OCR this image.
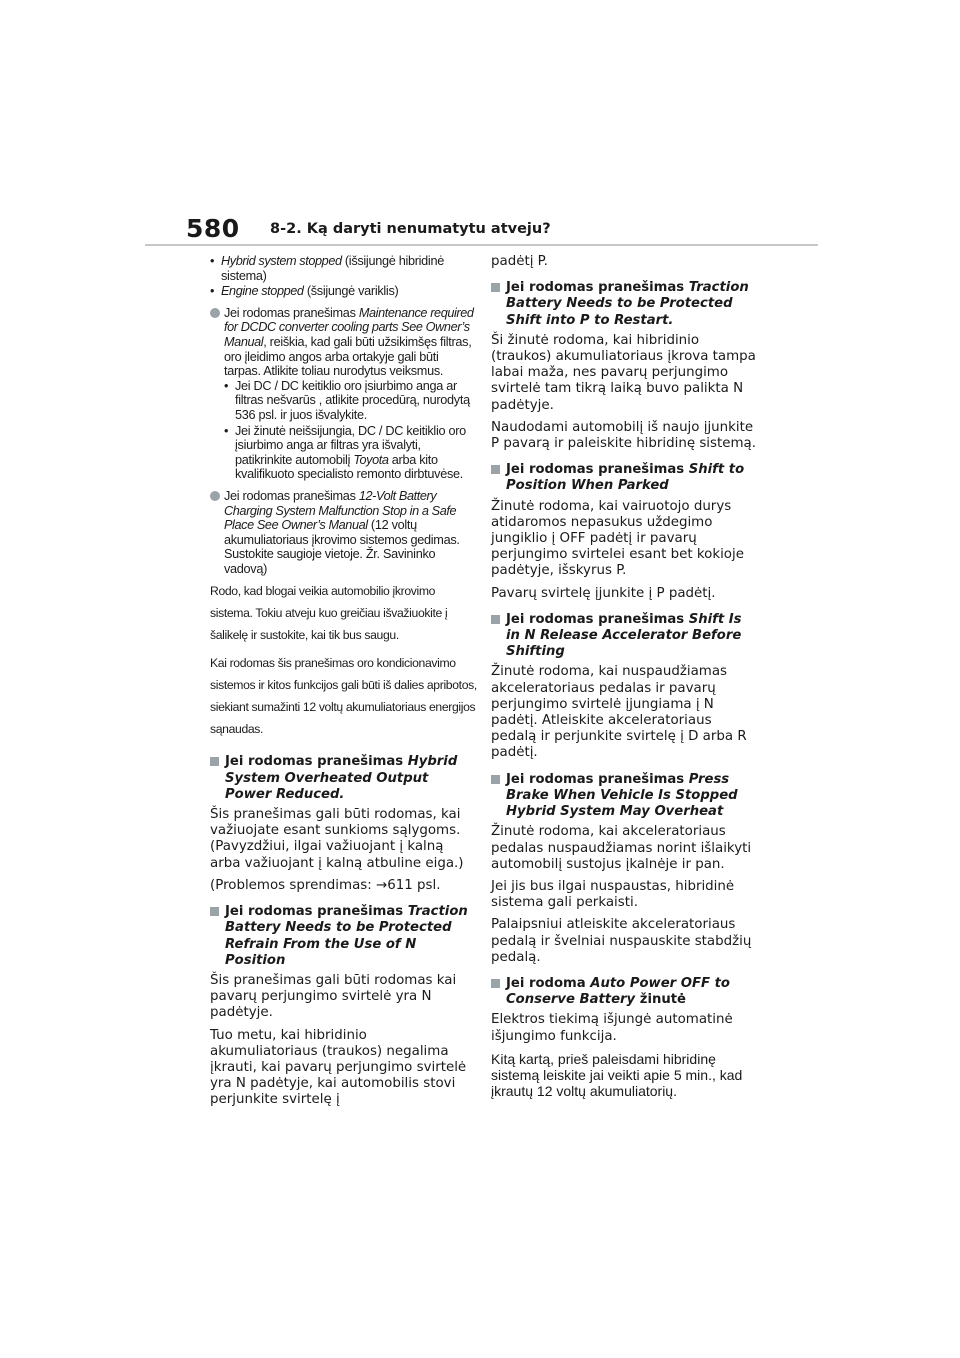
580 8-2. Ką daryti nenumatytu atveju?
• Hybrid system stopped (išsijungė hibridinė sistema)
• Engine stopped (šsijungė variklis)
Jei rodomas pranešimas Maintenance required for DCDC converter cooling parts See Owner’s Manual, reiškia, kad gali būti užsikimšęs filtras, oro įleidimo angos arba ortakyje gali būti tarpas. Atlikite toliau nurodytus veiksmus.
• Jei DC / DC keitiklio oro įsiurbimo anga ar filtras nešvarūs , atlikite procedūrą, nurodytą 536 psl. ir juos išvalykite.
• Jei žinutė neišsijungia, DC / DC keitiklio oro įsiurbimo anga ar filtras yra išvalyti, patikrinkite automobilį Toyota arba kito kvalifikuoto specialisto remonto dirbtuvėse.
Jei rodomas pranešimas 12-Volt Battery Charging System Malfunction Stop in a Safe Place See Owner’s Manual (12 voltų akumuliatoriaus įkrovimo sistemos gedimas. Sustokite saugioje vietoje. Žr. Savininko vadovą)

Rodo, kad blogai veikia automobilio įkrovimo sistema. Tokiu atveju kuo greičiau išvažiuokite į šalikelę ir sustokite, kai tik bus saugu.

Kai rodomas šis pranešimas oro kondicionavimo sistemos ir kitos funkcijos gali būti iš dalies apribotos, siekiant sumažinti 12 voltų akumuliatoriaus energijos sąnaudas.

Jei rodomas pranešimas Hybrid System Overheated Output Power Reduced.

Šis pranešimas gali būti rodomas, kai važiuojate esant sunkioms sąlygoms. (Pavyzdžiui, ilgai važiuojant į kalną arba važiuojant į kalną atbuline eiga.)

(Problemos sprendimas: →611 psl.

Jei rodomas pranešimas Traction Battery Needs to be Protected Refrain From the Use of N Position

Šis pranešimas gali būti rodomas kai pavarų perjungimo svirtelė yra N padėtyje.

Tuo metu, kai hibridinio akumuliatoriaus (traukos) negalima įkrauti, kai pavarų perjungimo svirtelė yra N padėtyje, kai automobilis stovi perjunkite svirtelę į

padėtį P.

Jei rodomas pranešimas Traction Battery Needs to be Protected Shift into P to Restart.

Ši žinutė rodoma, kai hibridinio (traukos) akumuliatoriaus įkrova tampa labai maža, nes pavarų perjungimo svirtelė tam tikrą laiką buvo palikta N padėtyje.

Naudodami automobilį iš naujo įjunkite P pavarą ir paleiskite hibridinę sistemą.

Jei rodomas pranešimas Shift to Position When Parked

Žinutė rodoma, kai vairuotojo durys atidaromos nepasukus uždegimo jungiklio į OFF padėtį ir pavarų perjungimo svirtelei esant bet kokioje padėtyje, išskyrus P.

Pavarų svirtelę įjunkite į P padėtį.

Jei rodomas pranešimas Shift Is in N Release Accelerator Before Shifting

Žinutė rodoma, kai nuspaudžiamas akceleratoriaus pedalas ir pavarų perjungimo svirtelė įjungiama į N padėtį. Atleiskite akceleratoriaus pedalą ir perjunkite svirtelę į D arba R padėtį.

Jei rodomas pranešimas Press Brake When Vehicle Is Stopped Hybrid System May Overheat

Žinutė rodoma, kai akceleratoriaus pedalas nuspaudžiamas norint išlaikyti automobilį sustojus įkalnėje ir pan.

Jei jis bus ilgai nuspaustas, hibridinė sistema gali perkaisti.

Palaipsniui atleiskite akceleratoriaus pedalą ir švelniai nuspauskite stabdžių pedalą.

Jei rodoma Auto Power OFF to Conserve Battery žinutė

Elektros tiekimą išjungė automatinė išjungimo funkcija.

Kitą kartą, prieš paleisdami hibridinę sistemą leiskite jai veikti apie 5 min., kad įkrautų 12 voltų akumuliatorių.
